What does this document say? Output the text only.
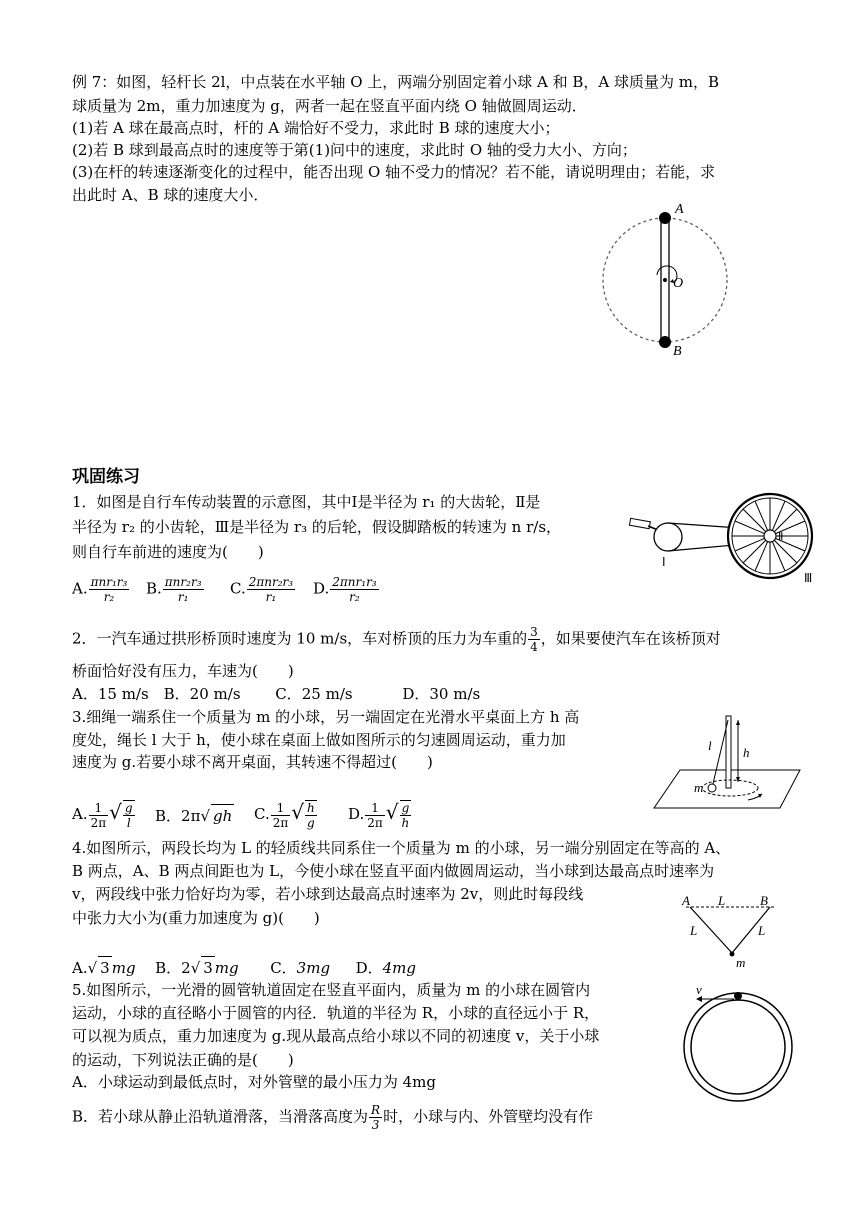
例 7：如图，轻杆长 2l，中点装在水平轴 O 上，两端分别固定着小球 A 和 B，A 球质量为 m，B
球质量为 2m，重力加速度为 g，两者一起在竖直平面内绕 O 轴做圆周运动．
(1)若 A 球在最高点时，杆的 A 端恰好不受力，求此时 B 球的速度大小；
(2)若 B 球到最高点时的速度等于第(1)问中的速度，求此时 O 轴的受力大小、方向；
(3)在杆的转速逐渐变化的过程中，能否出现 O 轴不受力的情况？若不能，请说明理由；若能，求
出此时 A、B 球的速度大小．
A
O
B
巩固练习
1．如图是自行车传动装置的示意图，其中Ⅰ是半径为 r₁ 的大齿轮，Ⅱ是
半径为 r₂ 的小齿轮，Ⅲ是半径为 r₃ 的后轮，假设脚踏板的转速为 n r/s，
则自行车前进的速度为(　　)
A. $\frac{\text{πnr₁r₃}}{\text{r₂}} B$. $\frac{\text{πnr₂r₃}}{\text{r₁}} C$. $\frac{\text{2πnr₂r₃}}{\text{r₁}} D$. $\frac{\text{2πnr₁r₃}}{\text{r₂}}$
Ⅰ
Ⅱ
Ⅲ
2．一汽车通过拱形桥顶时速度为 10 m/s，车对桥顶的压力为车重的 $\frac{3}{4}$ ，如果要使汽车在该桥顶对
桥面恰好没有压力，车速为(　　)
A．15 m/s　B．20 m/s　　 C．25 m/s　　　 D．30 m/s
3.细绳一端系住一个质量为 m 的小球，另一端固定在光滑水平桌面上方 h 高
度处，绳长 l 大于 h，使小球在桌面上做如图所示的匀速圆周运动，重力加
速度为 g.若要小球不离开桌面，其转速不得超过(　　)
A. $\frac{1}{2\pi}$ √ $\frac{g}{l}$ B．2π√ gh C. $\frac{1}{2\pi}$ √ $\frac{h}{g} D$. $\frac{1}{2\pi}$ √ $\frac{g}{h}$
l h
m
4.如图所示，两段长均为 L 的轻质线共同系住一个质量为 m 的小球，另一端分别固定在等高的 A、
B 两点，A、B 两点间距也为 L，今使小球在竖直平面内做圆周运动，当小球到达最高点时速率为
v，两段线中张力恰好均为零，若小球到达最高点时速率为 2v，则此时每段线
中张力大小为(重力加速度为 g)(　　)
A.√ 3 mg B．2√ 3 mg C．3mg D．4mg
A L	B
L	L
m
5.如图所示，一光滑的圆管轨道固定在竖直平面内，质量为 m 的小球在圆管内
运动，小球的直径略小于圆管的内径．轨道的半径为 R，小球的直径远小于 R，
可以视为质点，重力加速度为 g.现从最高点给小球以不同的初速度 v，关于小球
的运动，下列说法正确的是(　　)
A．小球运动到最低点时，对外管壁的最小压力为 4mg
B．若小球从静止沿轨道滑落，当滑落高度为 $\frac{R}{3}$ 时，小球与内、外管壁均没有作
v
